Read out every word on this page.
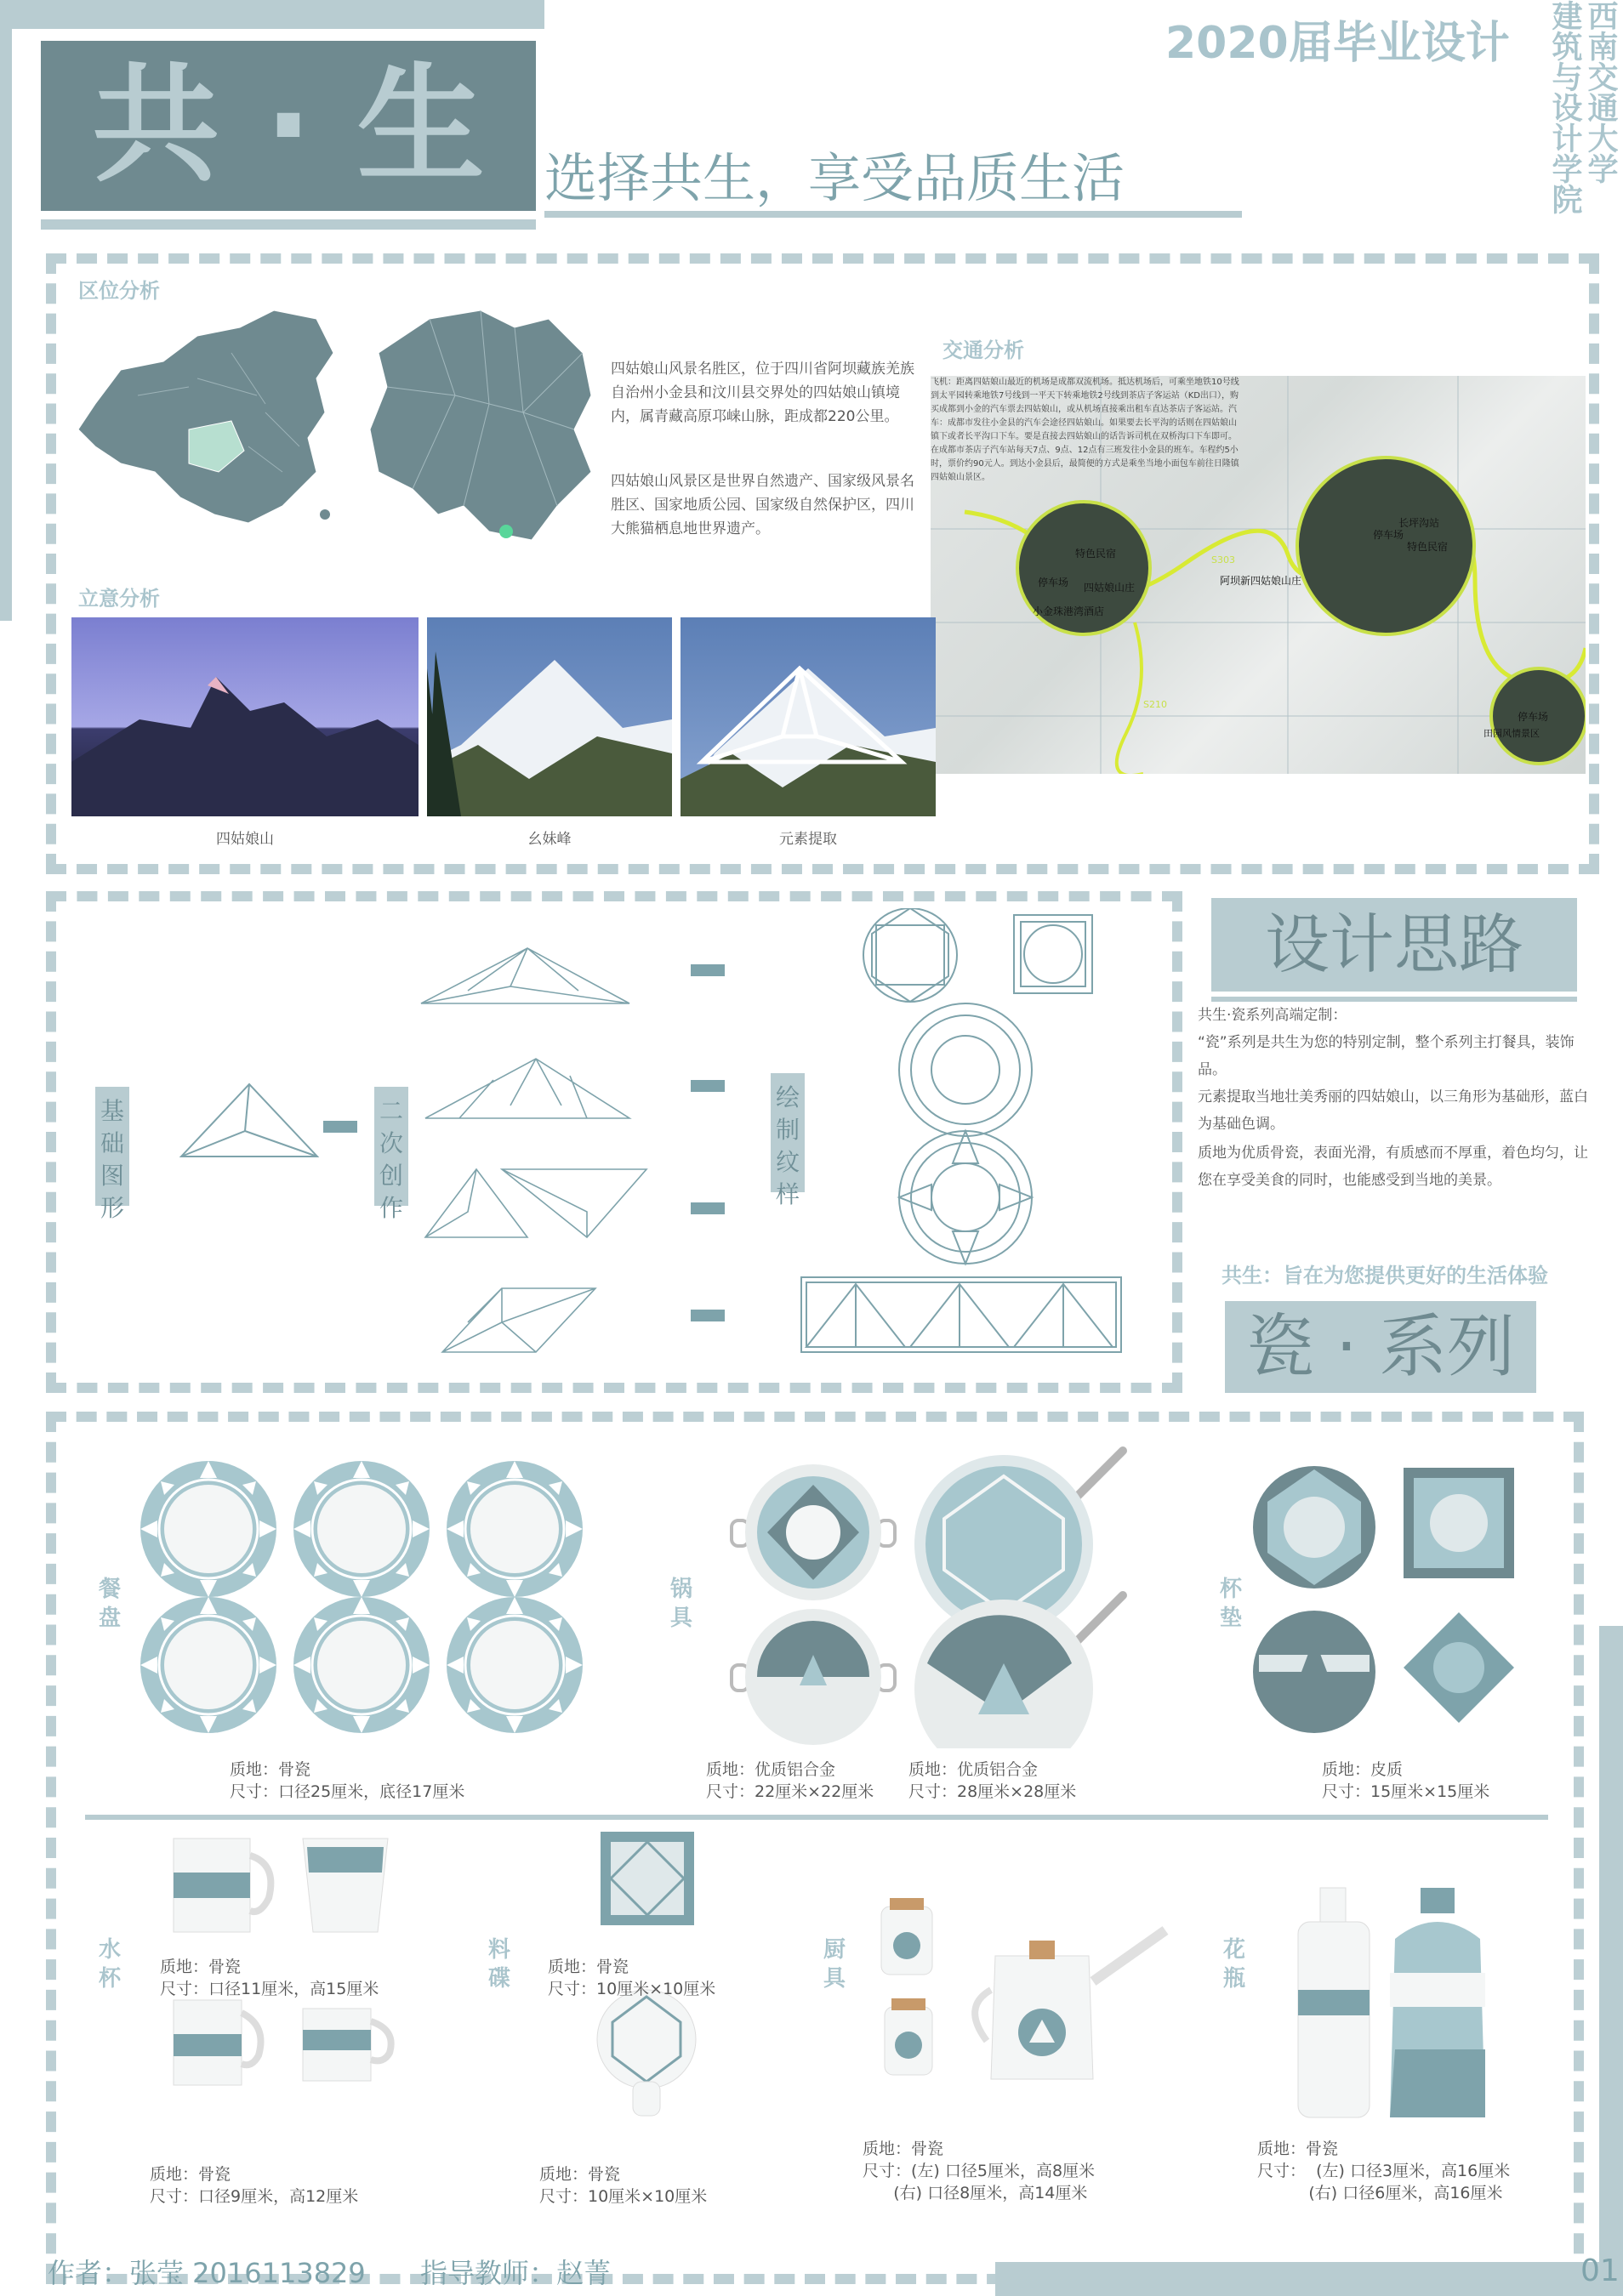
共 · 生	选择共生，享受品质生活
2020届毕业设计 西南交通大学
建筑与设计学院
区位分析
四姑娘山风景名胜区，位于四川省阿坝藏族羌族自治州小金县和汶川县交界处的四姑娘山镇境内，属青藏高原邛崃山脉，距成都220公里。
四姑娘山风景区是世界自然遗产、国家级风景名胜区、国家地质公园、国家级自然保护区，四川大熊猫栖息地世界遗产。
交通分析
飞机：距离四姑娘山最近的机场是成都双流机场。抵达机场后，可乘坐地铁10号线到太平园转乘地铁7号线到一平天下转乘地铁2号线到茶店子客运站（KD出口），购买成都到小金的汽车票去四姑娘山，或从机场直接乘出租车直达茶店子客运站。汽车：成都市发往小金县的汽车会途径四姑娘山。如果要去长平沟的话则在四姑娘山镇下或者长平沟口下车。要是直接去四姑娘山的话告诉司机在双桥沟口下车即可。在成都市茶店子汽车站每天7点、9点、12点有三班发往小金县的班车。车程约5小时，票价约90元人。到达小金县后，最简便的方式是乘坐当地小面包车前往日隆镇四姑娘山景区。
特色民宿
停车场 四姑娘山庄
小金珠港湾酒店
停车场
长坪沟站
特色民宿
阿坝新四姑娘山庄
停车场
S303
S210
田园风情景区
立意分析
四姑娘山	幺妹峰	元素提取
基础图形
二次创作
绘制纹样
设计思路
共生·瓷系列高端定制：
“瓷”系列是共生为您的特别定制，整个系列主打餐具，装饰品。
元素提取当地壮美秀丽的四姑娘山，以三角形为基础形，蓝白为基础色调。
质地为优质骨瓷，表面光滑，有质感而不厚重，着色均匀，让您在享受美食的同时，也能感受到当地的美景。
共生：旨在为您提供更好的生活体验
瓷 · 系列
餐盘
质地：骨瓷
尺寸：口径25厘米，底径17厘米
锅具
质地：优质铝合金
尺寸：22厘米×22厘米
质地：优质铝合金
尺寸：28厘米×28厘米
杯垫
质地：皮质
尺寸：15厘米×15厘米
水杯 质地：骨瓷
尺寸：口径11厘米，高15厘米
质地：骨瓷
尺寸：口径9厘米，高12厘米
料碟 质地：骨瓷
尺寸：10厘米×10厘米
质地：骨瓷
尺寸：10厘米×10厘米
厨具
质地：骨瓷
尺寸：(左) 口径5厘米，高8厘米
(右) 口径8厘米，高14厘米
花瓶
质地：骨瓷
尺寸：  (左) 口径3厘米，高16厘米
(右) 口径6厘米，高16厘米
作者：张莹 2016113829 指导教师：赵菁	01
